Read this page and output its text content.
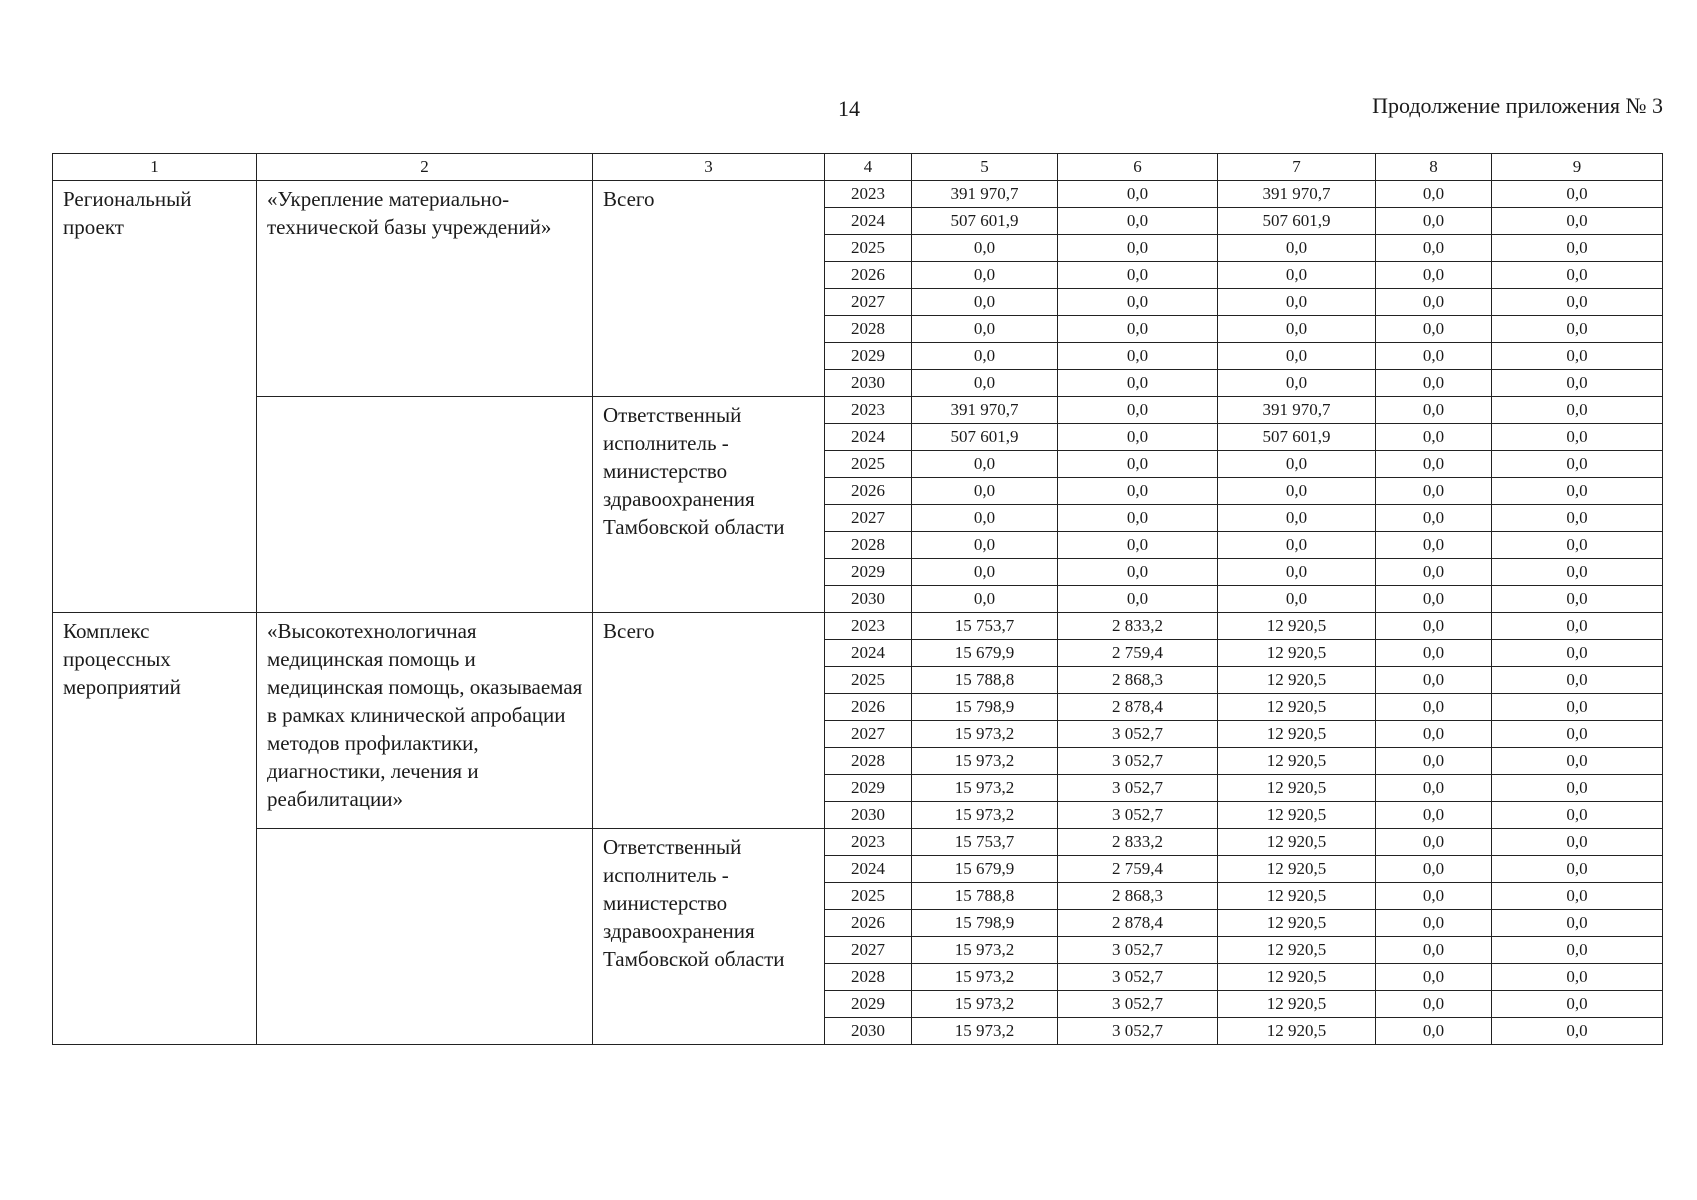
14	Продолжение приложения № 3
1	2	3	4	5	6	7	8	9
Региональный проект	«Укрепление материально-технической базы учреждений»	Всего	2023	391 970,7	0,0	391 970,7	0,0	0,0
			2024	507 601,9	0,0	507 601,9	0,0	0,0
			2025	0,0	0,0	0,0	0,0	0,0
			2026	0,0	0,0	0,0	0,0	0,0
			2027	0,0	0,0	0,0	0,0	0,0
			2028	0,0	0,0	0,0	0,0	0,0
			2029	0,0	0,0	0,0	0,0	0,0
			2030	0,0	0,0	0,0	0,0	0,0
		Ответственный исполнитель - министерство здравоохранения Тамбовской области	2023	391 970,7	0,0	391 970,7	0,0	0,0
			2024	507 601,9	0,0	507 601,9	0,0	0,0
			2025	0,0	0,0	0,0	0,0	0,0
			2026	0,0	0,0	0,0	0,0	0,0
			2027	0,0	0,0	0,0	0,0	0,0
			2028	0,0	0,0	0,0	0,0	0,0
			2029	0,0	0,0	0,0	0,0	0,0
			2030	0,0	0,0	0,0	0,0	0,0
Комплекс процессных мероприятий	«Высокотехнологичная медицинская помощь и медицинская помощь, оказываемая в рамках клинической апробации методов профилактики, диагностики, лечения и реабилитации»	Всего	2023	15 753,7	2 833,2	12 920,5	0,0	0,0
			2024	15 679,9	2 759,4	12 920,5	0,0	0,0
			2025	15 788,8	2 868,3	12 920,5	0,0	0,0
			2026	15 798,9	2 878,4	12 920,5	0,0	0,0
			2027	15 973,2	3 052,7	12 920,5	0,0	0,0
			2028	15 973,2	3 052,7	12 920,5	0,0	0,0
			2029	15 973,2	3 052,7	12 920,5	0,0	0,0
			2030	15 973,2	3 052,7	12 920,5	0,0	0,0
		Ответственный исполнитель - министерство здравоохранения Тамбовской области	2023	15 753,7	2 833,2	12 920,5	0,0	0,0
			2024	15 679,9	2 759,4	12 920,5	0,0	0,0
			2025	15 788,8	2 868,3	12 920,5	0,0	0,0
			2026	15 798,9	2 878,4	12 920,5	0,0	0,0
			2027	15 973,2	3 052,7	12 920,5	0,0	0,0
			2028	15 973,2	3 052,7	12 920,5	0,0	0,0
			2029	15 973,2	3 052,7	12 920,5	0,0	0,0
			2030	15 973,2	3 052,7	12 920,5	0,0	0,0
